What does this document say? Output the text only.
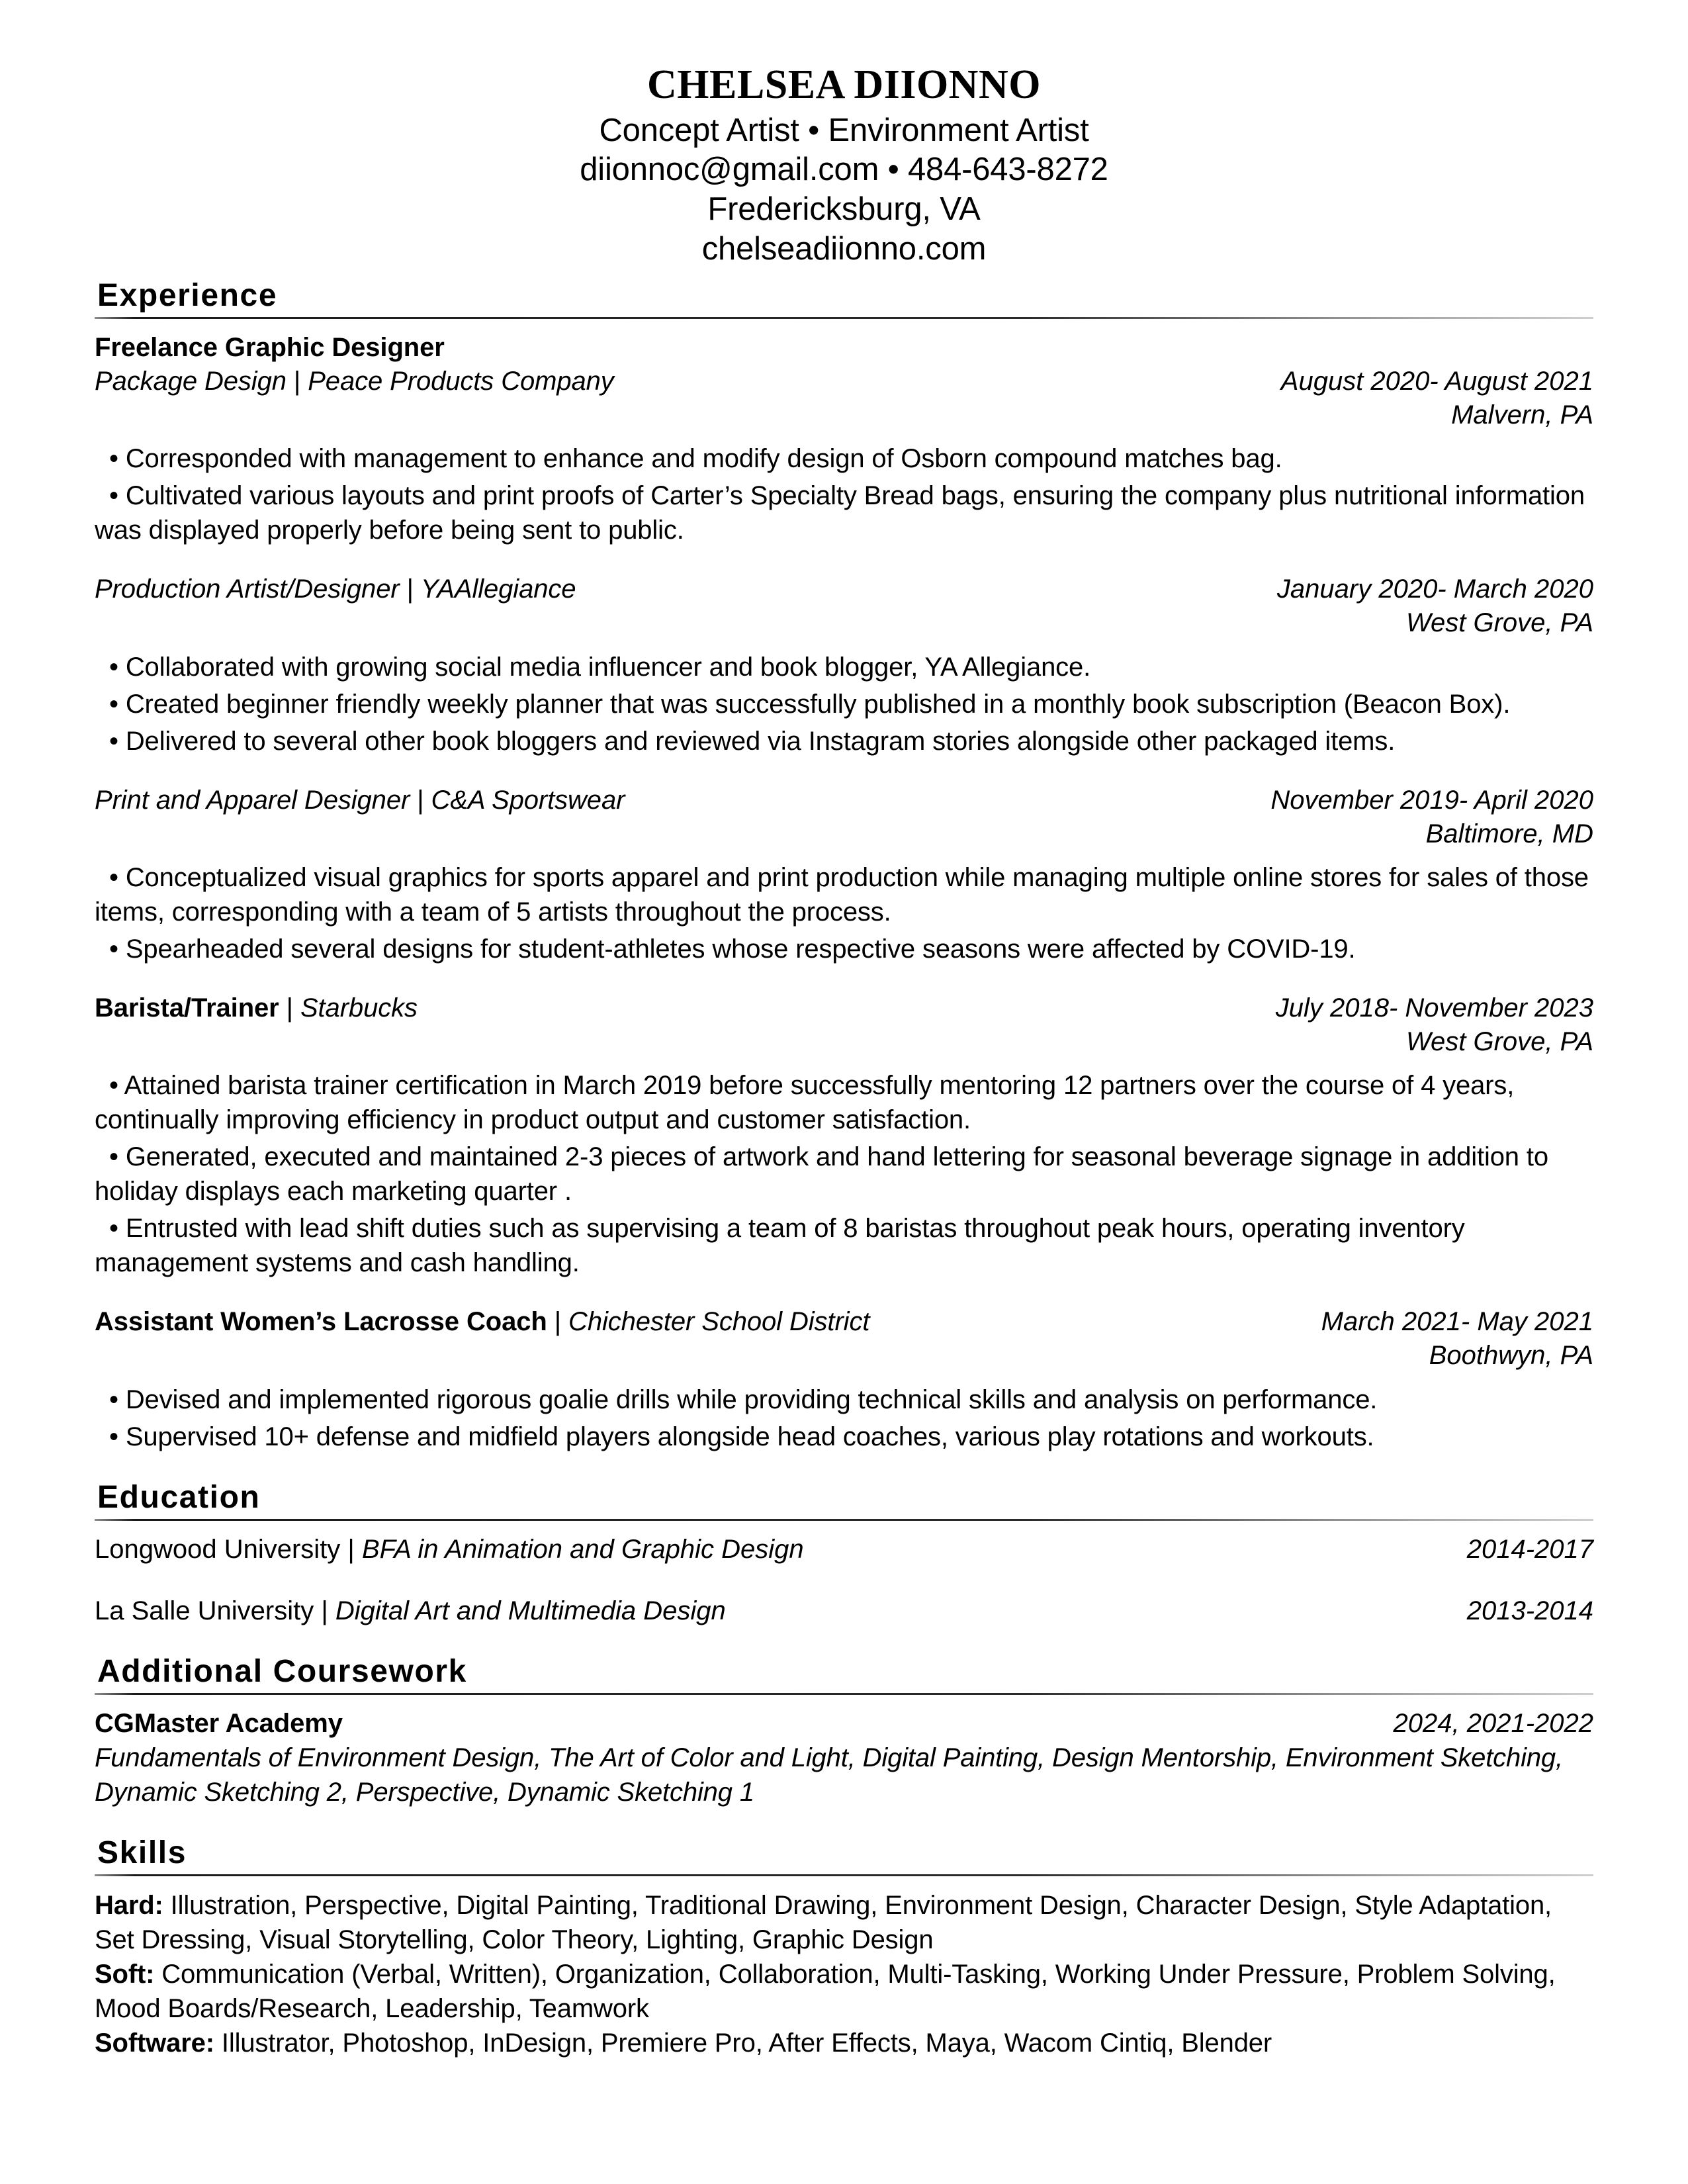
CHELSEA DIIONNO

Concept Artist • Environment Artist

diionnoc@gmail.com • 484-643-8272

Fredericksburg, VA

chelseadiionno.com

Experience
Freelance Graphic Designer
Package Design | Peace Products Company	August 2020- August 2021

Malvern, PA

• Corresponded with management to enhance and modify design of Osborn compound matches bag.
• Cultivated various layouts and print proofs of Carter’s Specialty Bread bags, ensuring the company plus nutritional information was displayed properly before being sent to public.
Production Artist/Designer | YAAllegiance	January 2020- March 2020

West Grove, PA

• Collaborated with growing social media influencer and book blogger, YA Allegiance.
• Created beginner friendly weekly planner that was successfully published in a monthly book subscription (Beacon Box).
• Delivered to several other book bloggers and reviewed via Instagram stories alongside other packaged items.
Print and Apparel Designer | C&A Sportswear	November 2019- April 2020

Baltimore, MD

• Conceptualized visual graphics for sports apparel and print production while managing multiple online stores for sales of those items, corresponding with a team of 5 artists throughout the process.
• Spearheaded several designs for student-athletes whose respective seasons were affected by COVID-19.
Barista/Trainer | Starbucks	July 2018- November 2023

West Grove, PA

• Attained barista trainer certification in March 2019 before successfully mentoring 12 partners over the course of 4 years, continually improving efficiency in product output and customer satisfaction.
• Generated, executed and maintained 2-3 pieces of artwork and hand lettering for seasonal beverage signage in addition to holiday displays each marketing quarter .
• Entrusted with lead shift duties such as supervising a team of 8 baristas throughout peak hours, operating inventory management systems and cash handling.
Assistant Women’s Lacrosse Coach | Chichester School District	March 2021- May 2021

Boothwyn, PA

• Devised and implemented rigorous goalie drills while providing technical skills and analysis on performance.
• Supervised 10+ defense and midfield players alongside head coaches, various play rotations and workouts.
Education
Longwood University | BFA in Animation and Graphic Design	2014-2017
La Salle University | Digital Art and Multimedia Design	2013-2014
Additional Coursework
CGMaster Academy	2024, 2021-2022

Fundamentals of Environment Design, The Art of Color and Light, Digital Painting, Design Mentorship, Environment Sketching, Dynamic Sketching 2, Perspective, Dynamic Sketching 1

Skills

Hard: Illustration, Perspective, Digital Painting, Traditional Drawing, Environment Design, Character Design, Style Adaptation, Set Dressing, Visual Storytelling, Color Theory, Lighting, Graphic Design

Soft: Communication (Verbal, Written), Organization, Collaboration, Multi-Tasking, Working Under Pressure, Problem Solving, Mood Boards/Research, Leadership, Teamwork

Software: Illustrator, Photoshop, InDesign, Premiere Pro, After Effects, Maya, Wacom Cintiq, Blender
